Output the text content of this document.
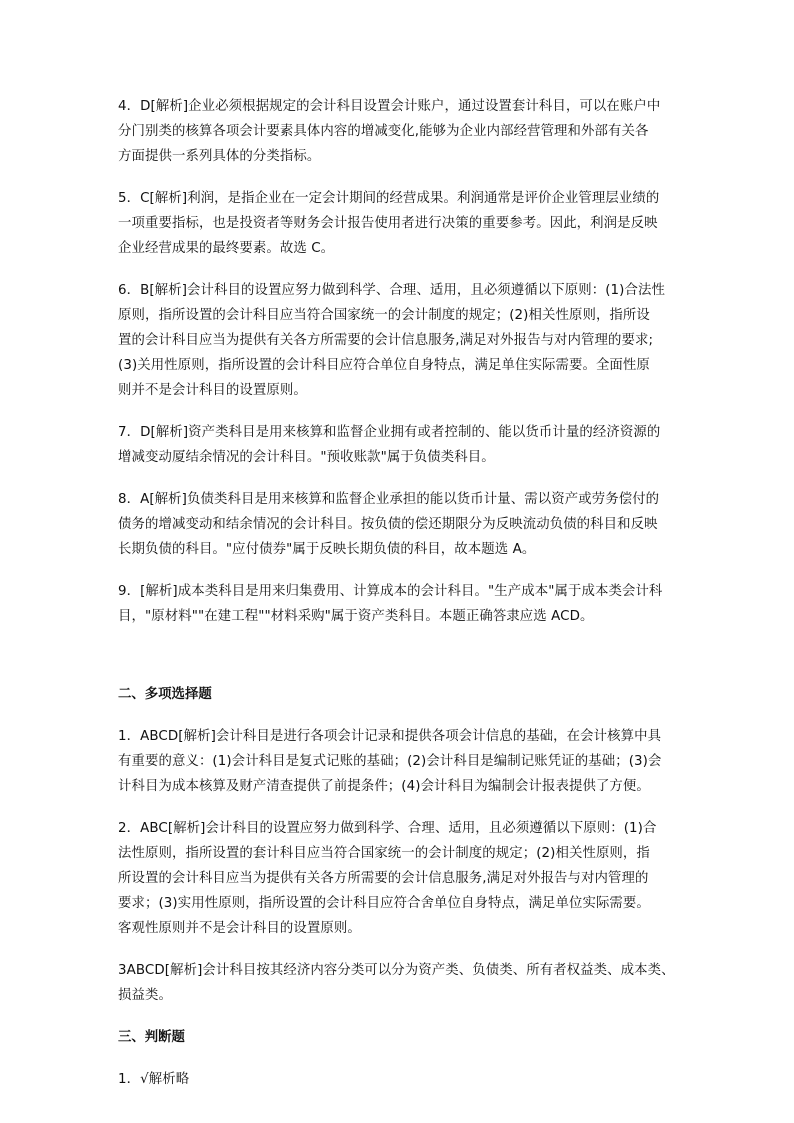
4．D[解析]企业必须根据规定的会计科目设置会计账户，通过设置套计科目，可以在账户中
分门别类的核算各项会计要素具体内容的增减变化,能够为企业内部经营管理和外部有关各
方面提供一系列具体的分类指标。

5．C[解析]利润，是指企业在一定会计期间的经营成果。利润通常是评价企业管理层业绩的
一项重要指标，也是投资者等财务会计报告使用者进行决策的重要参考。因此，利润是反映
企业经营成果的最终要素。故选 C。

6．B[解析]会计科目的设置应努力做到科学、合理、适用，且必须遵循以下原则：(1)合法性
原则，指所设置的会计科目应当符合国家统一的会计制度的规定；(2)相关性原则，指所设
置的会计科目应当为提供有关各方所需要的会计信息服务,满足对外报告与对内管理的要求;
(3)关用性原则，指所设置的会计科目应符合单位自身特点，满足单住实际需要。全面性原
则并不是会计科目的设置原则。

7．D[解析]资产类科目是用来核算和监督企业拥有或者控制的、能以货币计量的经济资源的
增减变动厦结余情况的会计科目。"预收账款"属于负债类科目。

8．A[解析]负债类科目是用来核算和监督企业承担的能以货币计量、需以资产或劳务偿付的
债务的增减变动和结余情况的会计科目。按负债的偿还期限分为反映流动负债的科目和反映
长期负债的科目。"应付债券"属于反映长期负债的科目，故本题选 A。

9．[解析]成本类科目是用来归集费用、计算成本的会计科目。"生产成本"属于成本类会计科
目，"原材料""在建工程""材料采购"属于资产类科目。本题正确答隶应选 ACD。

二、多项选择题

1．ABCD[解析]会计科目是进行各项会计记录和提供各项会计信息的基础，在会计核算中具
有重要的意义：(1)会计科目是复式记账的基础；(2)会计科目是编制记账凭证的基础；(3)会
计科目为成本核算及财产清查提供了前提条件；(4)会计科目为编制会计报表提供了方便。

2．ABC[解析]会计科目的设置应努力做到科学、合理、适用，且必须遵循以下原则：(1)合
法性原则，指所设置的套计科目应当符合国家统一的会计制度的规定；(2)相关性原则，指
所设置的会计科目应当为提供有关各方所需要的会计信息服务,满足对外报告与对内管理的
要求；(3)实用性原则，指所设置的会计科目应符合舍单位自身特点，满足单位实际需要。
客观性原则并不是会计科目的设置原则。

3ABCD[解析]会计科目按其经济内容分类可以分为资产类、负债类、所有者权益类、成本类、
损益类。

三、判断题

1．√解析略
